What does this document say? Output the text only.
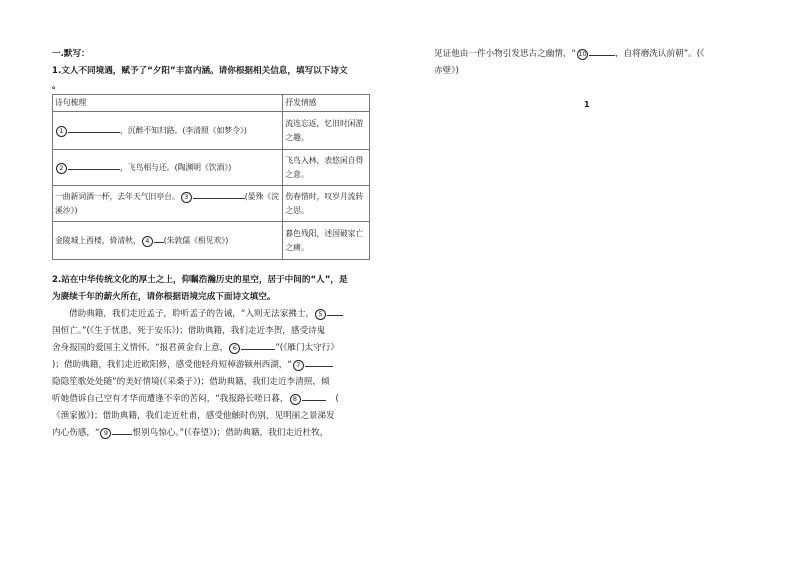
一.默写：
1.文人不同境遇，赋予了“夕阳”丰富内涵。请你根据相关信息，填写以下诗文
。
诗句梳理	抒发情感
1 ，沉醉不知归路。(李清照《如梦令》)	流连忘返，忆旧时闲游之趣。
2 ，飞鸟相与还。(陶渊明《饮酒》)	飞鸟入林，表悠闲自得之意。
一曲新词酒一杯，去年天气旧亭台。 3 (晏殊《浣溪沙》)	伤春惜时，叹岁月流转之思。
金陵城上西楼，倚清秋， 4 (朱敦儒《相见欢》)	暮色残阳，述国破家亡之痛。
2.站在中华传统文化的厚土之上，仰瞩浩瀚历史的星空，居于中间的“人”，是
为赓续千年的薪火所在，请你根据语境完成下面诗文填空。
借助典籍，我们走近孟子，聆听孟子的告诫，“入则无法家拂士， 5
国恒亡。”(《生于忧患，死于安乐》)；借助典籍，我们走近李贺，感受诗鬼
舍身报国的爱国主义情怀。“报君黄金台上意， 6	”(《雁门太守行》
)；借助典籍，我们走近欧阳修，感受他轻舟短棹游颍州西湖，“ 7
隐隐笙歌处处随”的美好情境(《采桑子》)；借助典籍，我们走近李清照，倾
听她借诉自己空有才华而遭逢不幸的苦闷，“我报路长嗟日暮， 8	(
《渔家傲》)；借助典籍，我们走近杜甫，感受他触时伤别，见明丽之景涕发
内心伤感，“ 9	恨别鸟惊心。”(《春望》)；借助典籍，我们走近杜牧，
见证他由一件小物引发思古之幽情，“ 10	，自将磨洗认前朝”。(《
赤壁》)
1
